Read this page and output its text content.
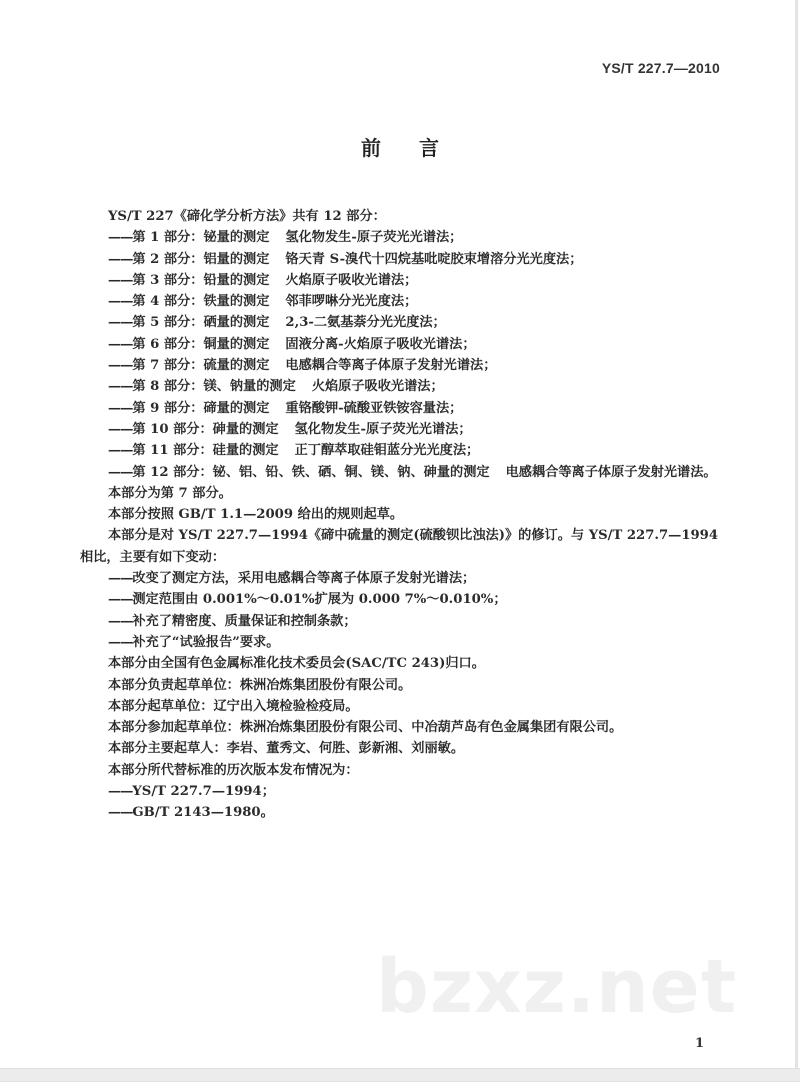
YS/T 227.7—2010
前 言
YS/T 227《碲化学分析方法》共有 12 部分：
—— 第 1 部分：铋量的测定 氢化物发生-原子荧光光谱法；
—— 第 2 部分：铝量的测定 铬天青 S-溴代十四烷基吡啶胶束增溶分光光度法；
—— 第 3 部分：铅量的测定 火焰原子吸收光谱法；
—— 第 4 部分：铁量的测定 邻菲啰啉分光光度法；
—— 第 5 部分：硒量的测定 2,3-二氨基萘分光光度法；
—— 第 6 部分：铜量的测定 固液分离-火焰原子吸收光谱法；
—— 第 7 部分：硫量的测定 电感耦合等离子体原子发射光谱法；
—— 第 8 部分：镁、钠量的测定 火焰原子吸收光谱法；
—— 第 9 部分：碲量的测定 重铬酸钾-硫酸亚铁铵容量法；
—— 第 10 部分：砷量的测定 氢化物发生-原子荧光光谱法；
—— 第 11 部分：硅量的测定 正丁醇萃取硅钼蓝分光光度法；
—— 第 12 部分：铋、铝、铅、铁、硒、铜、镁、钠、砷量的测定 电感耦合等离子体原子发射光谱法。
本部分为第 7 部分。
本部分按照 GB/T 1.1—2009 给出的规则起草。
本部分是对 YS/T 227.7—1994《碲中硫量的测定(硫酸钡比浊法)》的修订。与 YS/T 227.7—1994
相比，主要有如下变动：
—— 改变了测定方法，采用电感耦合等离子体原子发射光谱法；
—— 测定范围由 0.001%～0.01%扩展为 0.000 7%～0.010%；
—— 补充了精密度、质量保证和控制条款；
—— 补充了“试验报告”要求。
本部分由全国有色金属标准化技术委员会(SAC/TC 243)归口。
本部分负责起草单位：株洲冶炼集团股份有限公司。
本部分起草单位：辽宁出入境检验检疫局。
本部分参加起草单位：株洲冶炼集团股份有限公司、中冶葫芦岛有色金属集团有限公司。
本部分主要起草人：李岩、董秀文、何胜、彭新湘、刘丽敏。
本部分所代替标准的历次版本发布情况为：
—— YS/T 227.7—1994；
—— GB/T 2143—1980。
bzxz.net
1
